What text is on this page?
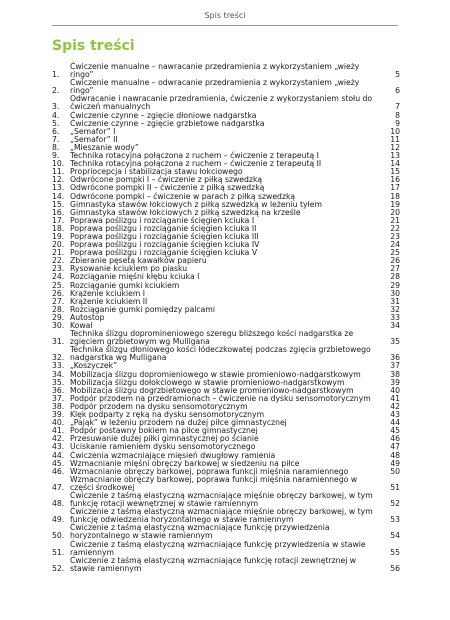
Spis treści
Spis treści
1.
Ćwiczenie manualne – nawracanie przedramienia z wykorzystaniem „wieży ringo”	5
2.
Ćwiczenie manualne – odwracanie przedramienia z wykorzystaniem „wieży ringo”	6
3.
Odwracanie i nawracanie przedramienia, ćwiczenie z wykorzystaniem stołu do ćwiczeń manualnych	7
4.	Ćwiczenie czynne – zgięcie dłoniowe nadgarstka	8
5.	Ćwiczenie czynne – zgięcie grzbietowe nadgarstka	9
6.	„Semafor” I	10
7.	„Semafor” II	11
8.	„Mieszanie wody”	12
9.	Technika rotacyjna połączona z ruchem – ćwiczenie z terapeutą I	13
10. Technika rotacyjna połączona z ruchem – ćwiczenie z terapeutą II	14
11. Propriocepcja i stabilizacja stawu łokciowego	15
12. Odwrócone pompki I – ćwiczenie z piłką szwedzką	16
13. Odwrócone pompki II – ćwiczenie z piłką szwedzką	17
14. Odwrócone pompki – ćwiczenie w parach z piłką szwedzką	18
15. Gimnastyka stawów łokciowych z piłką szwedzką w leżeniu tyłem	19
16. Gimnastyka stawów łokciowych z piłką szwedzką na krześle	20
17. Poprawa poślizgu i rozciąganie ścięgien kciuka I	21
18. Poprawa poślizgu i rozciąganie ścięgien kciuka II	22
19. Poprawa poślizgu i rozciąganie ścięgien kciuka III	23
20. Poprawa poślizgu i rozciąganie ścięgien kciuka IV	24
21. Poprawa poślizgu i rozciąganie ścięgien kciuka V	25
22. Zbieranie pęsetą kawałków papieru	26
23. Rysowanie kciukiem po piasku	27
24. Rozciąganie mięśni kłębu kciuka I	28
25. Rozciąganie gumki kciukiem	29
26. Krążenie kciukiem I	30
27. Krążenie kciukiem II	31
28. Rozciąganie gumki pomiędzy palcami	32
29. Autostop	33
30. Kowal	34
31.
Technika ślizgu dopromineniowego szeregu bliższego kości nadgarstka ze zgięciem grzbietowym wg Mulligana	35
32.
Technika ślizgu dłoniowego kości łódeczkowatej podczas zgięcia grzbietowego nadgarstka wg Mulligana	36
33. „Koszyczek”	37
34. Mobilizacja ślizgu dopromieniowego w stawie promieniowo-nadgarstkowym	38
35. Mobilizacja ślizgu dołokciowego w stawie promieniowo-nadgarstkowym	39
36. Mobilizacja ślizgu dogrzbietowego w stawie promieniowo-nadgarstkowym	40
37. Podpór przodem na przedramionach – ćwiczenie na dysku sensomotorycznym	41
38. Podpór przodem na dysku sensomotorycznym	42
39. Klęk podparty z ręką na dysku sensomotorycznym	43
40. „Pająk” w leżeniu przodem na dużej piłce gimnastycznej	44
41. Podpór postawny bokiem na piłce gimnastycznej	45
42. Przesuwanie dużej piłki gimnastycznej po ścianie	46
43. Uciskanie ramieniem dysku sensomotorycznego	47
44. Ćwiczenia wzmacniające mięsień dwugłowy ramienia	48
45. Wzmacnianie mięśni obręczy barkowej w siedzeniu na piłce	49
46. Wzmacnianie obręczy barkowej, poprawa funkcji mięśnia naramiennego	50
47.
Wzmacnianie obręczy barkowej, poprawa funkcji mięśnia naramiennego w części środkowej	51
48.
Ćwiczenie z taśmą elastyczną wzmacniające mięśnie obręczy barkowej, w tym funkcję rotacji wewnętrznej w stawie ramiennym	52
49.
Ćwiczenie z taśmą elastyczną wzmacniające mięśnie obręczy barkowej, w tym funkcję odwiedzenia horyzontalnego w stawie ramiennym	53
50.
Ćwiczenie z taśmą elastyczną wzmacniające funkcję przywiedzenia horyzontalnego w stawie ramiennym	54
51.
Ćwiczenie z taśmą elastyczną wzmacniające funkcję przywiedzenia w stawie ramiennym	55
52.
Ćwiczenie z taśmą elastyczną wzmacniające funkcję rotacji zewnętrznej w stawie ramiennym	56
